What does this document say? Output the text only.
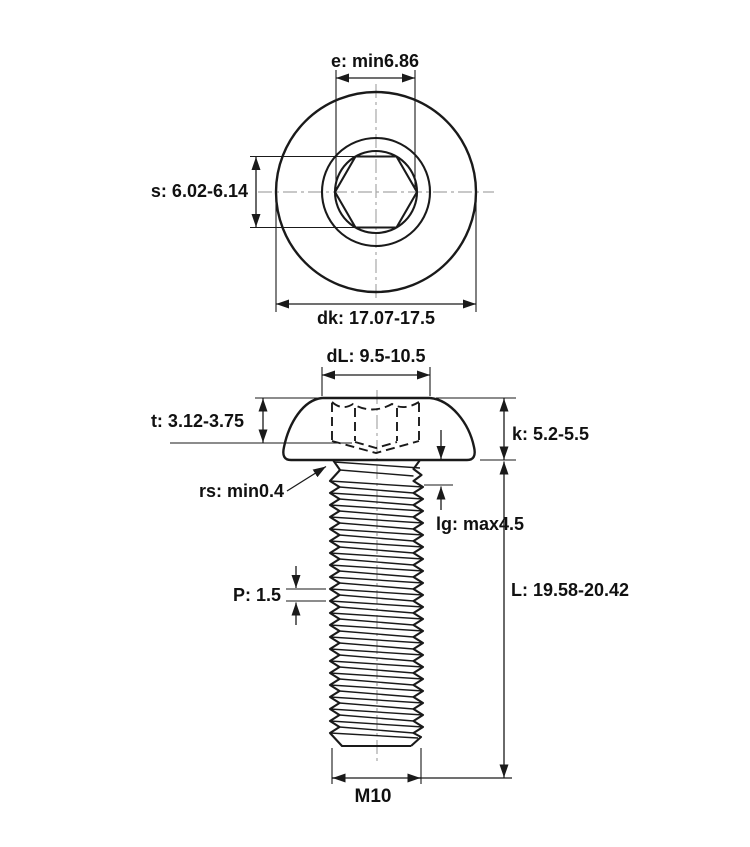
e: min6.86
s: 6.02-6.14
dk: 17.07-17.5
dL: 9.5-10.5
t: 3.12-3.75
rs: min0.4
k: 5.2-5.5
lg: max4.5
P: 1.5	L: 19.58-20.42
M10
